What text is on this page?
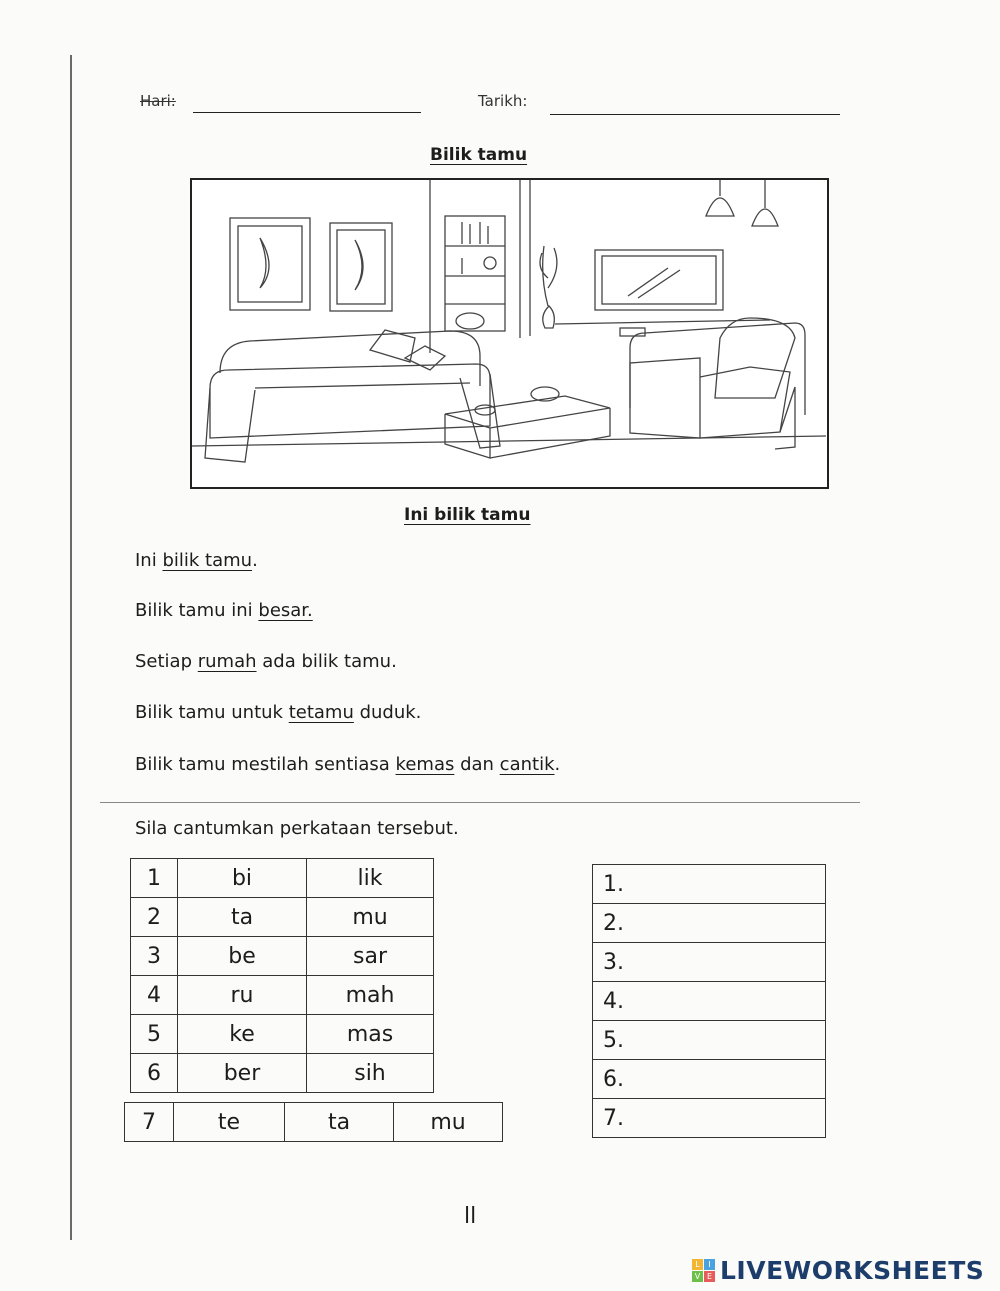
Hari:	Tarikh:
Bilik tamu
Ini bilik tamu
Ini bilik tamu.
Bilik tamu ini besar.
Setiap rumah ada bilik tamu.
Bilik tamu untuk tetamu duduk.
Bilik tamu mestilah sentiasa kemas dan cantik.
Sila cantumkan perkataan tersebut.
1	bi	lik
2	ta	mu
3	be	sar
4	ru	mah
5	ke	mas
6	ber	sih
7	te	ta	mu
1.
2.
3.
4.
5.
6.
7.
ll
L	I
V E LIVEWORKSHEETS
